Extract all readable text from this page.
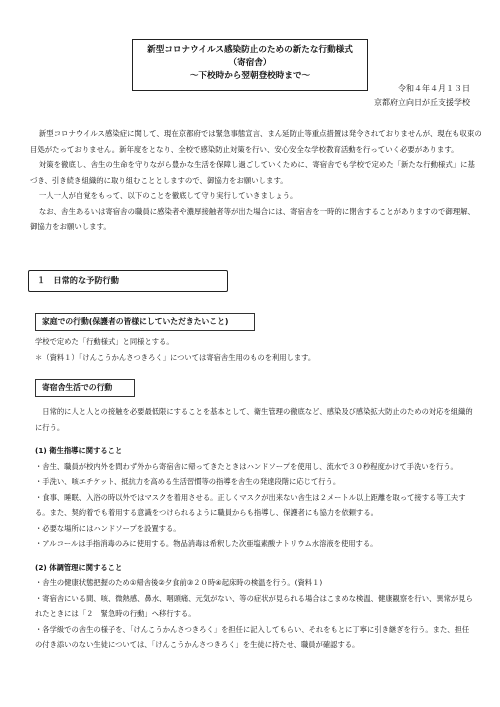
新型コロナウイルス感染防止のための新たな行動様式
（寄宿舎）
～下校時から翌朝登校時まで～
令和４年４月１３日
京都府立向日が丘支援学校

新型コロナウイルス感染症に関して、現在京都府では緊急事態宣言、まん延防止等重点措置は発令されておりませんが、現在も収束の目処がたっておりません。新年度をとなり、全校で感染防止対策を行い、安心安全な学校教育活動を行っていく必要があります。

対策を徹底し、舎生の生命を守りながら豊かな生活を保障し過ごしていくために、寄宿舎でも学校で定めた「新たな行動様式」に基づき、引き続き組織的に取り組むこととしますので、御協力をお願いします。

一人一人が自覚をもって、以下のことを徹底して守り実行していきましょう。

なお、舎生あるいは寄宿舎の職員に感染者や濃厚接触者等が出た場合には、寄宿舎を一時的に閉舎することがありますので御理解、御協力をお願いします。

１　日常的な予防行動
家庭での行動(保護者の皆様にしていただきたいこと)

学校で定めた「行動様式」と同様とする。

＊（資料１）「けんこうかんさつきろく」については寄宿舎生用のものを利用します。

寄宿舎生活での行動

日常的に人と人との接触を必要最低限にすることを基本として、衛生管理の徹底など、感染及び感染拡大防止のための対応を組織的に行う。

(1) 衛生指導に関すること

・舎生、職員が校内外を問わず外から寄宿舎に帰ってきたときはハンドソープを使用し、流水で３０秒程度かけて手洗いを行う。

・手洗い、咳エチケット、抵抗力を高める生活習慣等の指導を舎生の発達段階に応じて行う。

・食事、睡眠、入浴の時以外ではマスクを着用させる。正しくマスクが出来ない舎生は２メートル以上距離を取って接する等工夫する。また、契約着でも着用する意識をつけられるように職員からも指導し、保護者にも協力を依頼する。

・必要な場所にはハンドソープを設置する。

・アルコールは手指消毒のみに使用する。物品消毒は希釈した次亜塩素酸ナトリウム水溶液を使用する。

(2) 体調管理に関すること

・舎生の健康状態把握のため①帰舎後②夕食前③２０時④起床時の検温を行う。(資料１)

・寄宿舎にいる間、咳、微熱感、鼻水、咽頭痛、元気がない、等の症状が見られる場合はこまめな検温、健康観察を行い、異常が見られたときには「２　緊急時の行動」へ移行する。

・各学級での舎生の様子を、「けんこうかんさつきろく」を担任に記入してもらい、それをもとに丁寧に引き継ぎを行う。また、担任の付き添いのない生徒については、「けんこうかんさつきろく」を生徒に持たせ、職員が確認する。
